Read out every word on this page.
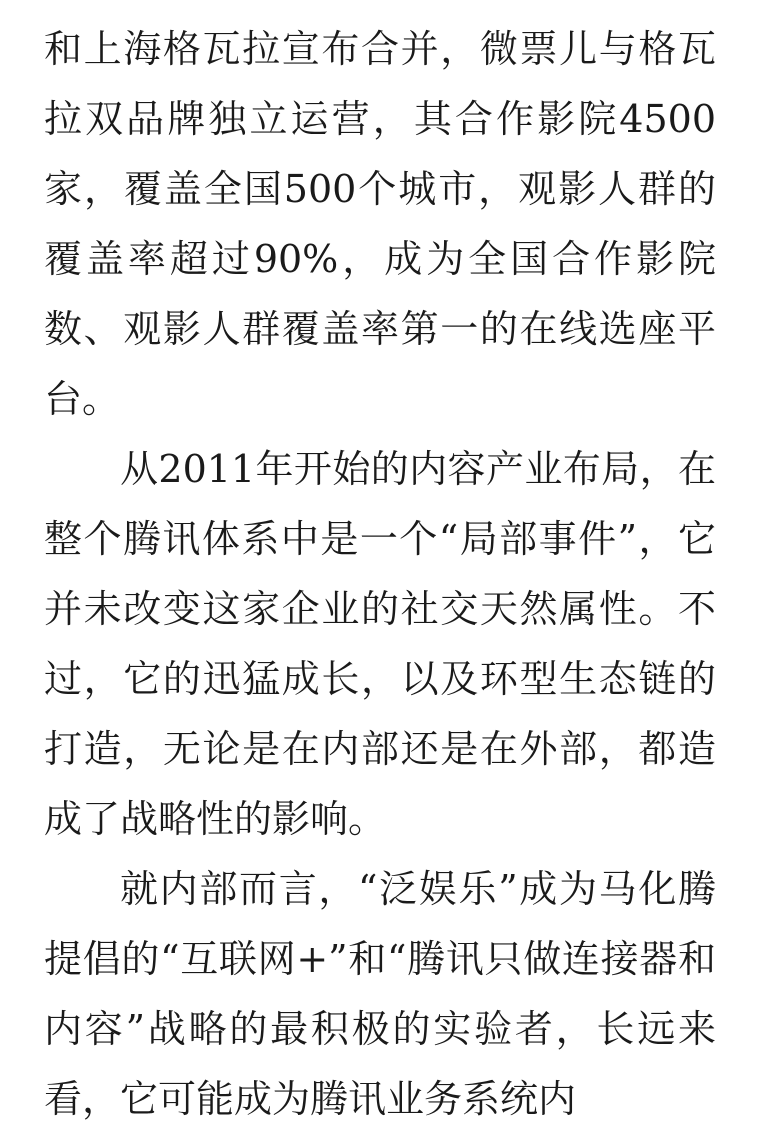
和上海格瓦拉宣布合并，微票儿与格瓦拉双品牌独立运营，其合作影院4500家，覆盖全国500个城市，观影人群的覆盖率超过90%，成为全国合作影院数、观影人群覆盖率第一的在线选座平台。

从2011年开始的内容产业布局，在整个腾讯体系中是一个“局部事件”，它并未改变这家企业的社交天然属性。不过，它的迅猛成长，以及环型生态链的打造，无论是在内部还是在外部，都造成了战略性的影响。

就内部而言，“泛娱乐”成为马化腾提倡的“互联网+”和“腾讯只做连接器和内容”战略的最积极的实验者，长远来看，它可能成为腾讯业务系统内
